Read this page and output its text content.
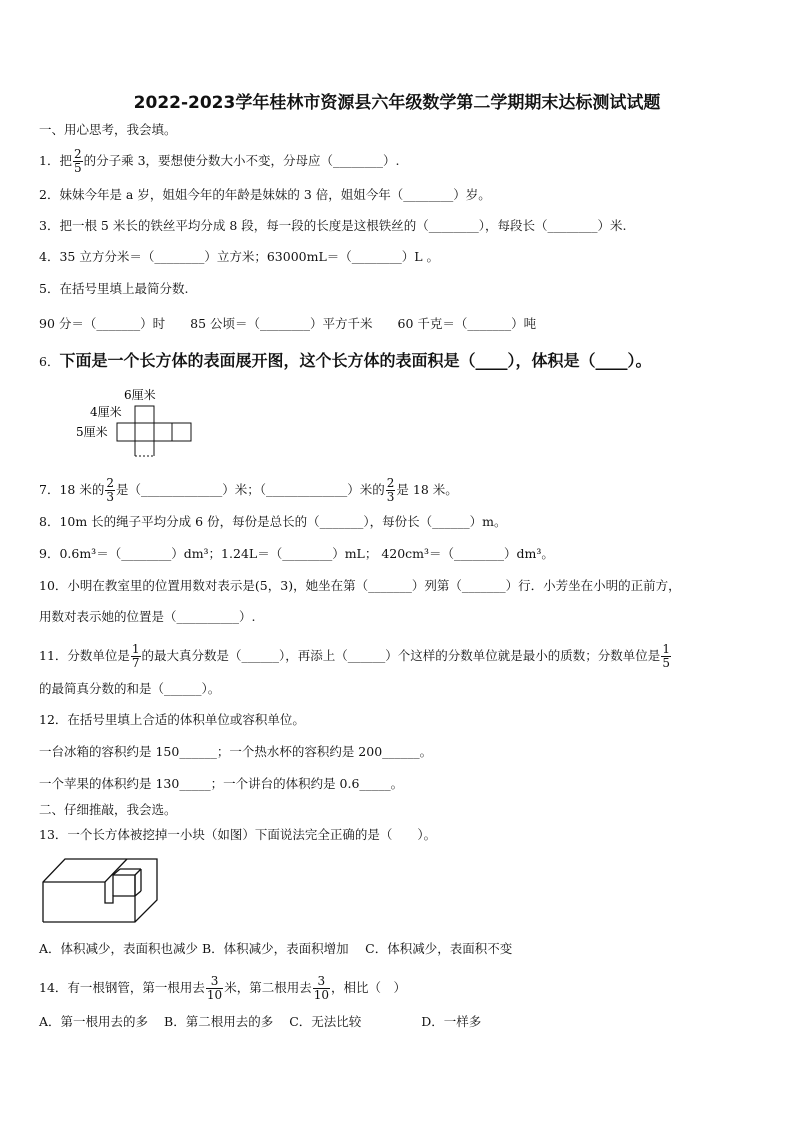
2022-2023学年桂林市资源县六年级数学第二学期期末达标测试试题
一、用心思考，我会填。
1．把 $\frac{2}{5}$ 的分子乘 3，要想使分数大小不变，分母应（________）.
2．妹妹今年是 a 岁，姐姐今年的年龄是妹妹的 3 倍，姐姐今年（________）岁。
3．把一根 5 米长的铁丝平均分成 8 段，每一段的长度是这根铁丝的（________），每段长（________）米.
4．35 立方分米＝（________）立方米；63000mL＝（________）L 。
5．在括号里填上最简分数.
90 分＝（_______）时　　85 公顷＝（________）平方千米　　60 千克＝（_______）吨
6．下面是一个长方体的表面展开图，这个长方体的表面积是（____），体积是（____）。
6厘米
4厘米
5厘米
7．18 米的 $\frac{2}{3}$ 是（_____________）米；（_____________）米的 $\frac{2}{3}$ 是 18 米。
8．10m 长的绳子平均分成 6 份，每份是总长的（_______），每份长（______）m。
9．0.6m³＝（________）dm³；1.24L＝（________）mL； 420cm³＝（________）dm³。
10．小明在教室里的位置用数对表示是(5，3)，她坐在第（_______）列第（_______）行．小芳坐在小明的正前方，
用数对表示她的位置是（__________）.
11．分数单位是 $\frac{1}{7}$ 的最大真分数是（______），再添上（______）个这样的分数单位就是最小的质数；分数单位是 $\frac{1}{5}$
的最简真分数的和是（______）。
12．在括号里填上合适的体积单位或容积单位。
一台冰箱的容积约是 150______；一个热水杯的容积约是 200______。
一个苹果的体积约是 130_____；一个讲台的体积约是 0.6_____。
二、仔细推敲，我会选。
13．一个长方体被挖掉一小块（如图）下面说法完全正确的是（　　）。
A．体积减少，表面积也减少 B．体积减少，表面积增加　 C．体积减少，表面积不变
14．有一根钢管，第一根用去 $\frac{3}{10}$ 米，第二根用去 $\frac{3}{10}$ ，相比（　）
A．第一根用去的多 B．第二根用去的多 C．无法比较	D．一样多
